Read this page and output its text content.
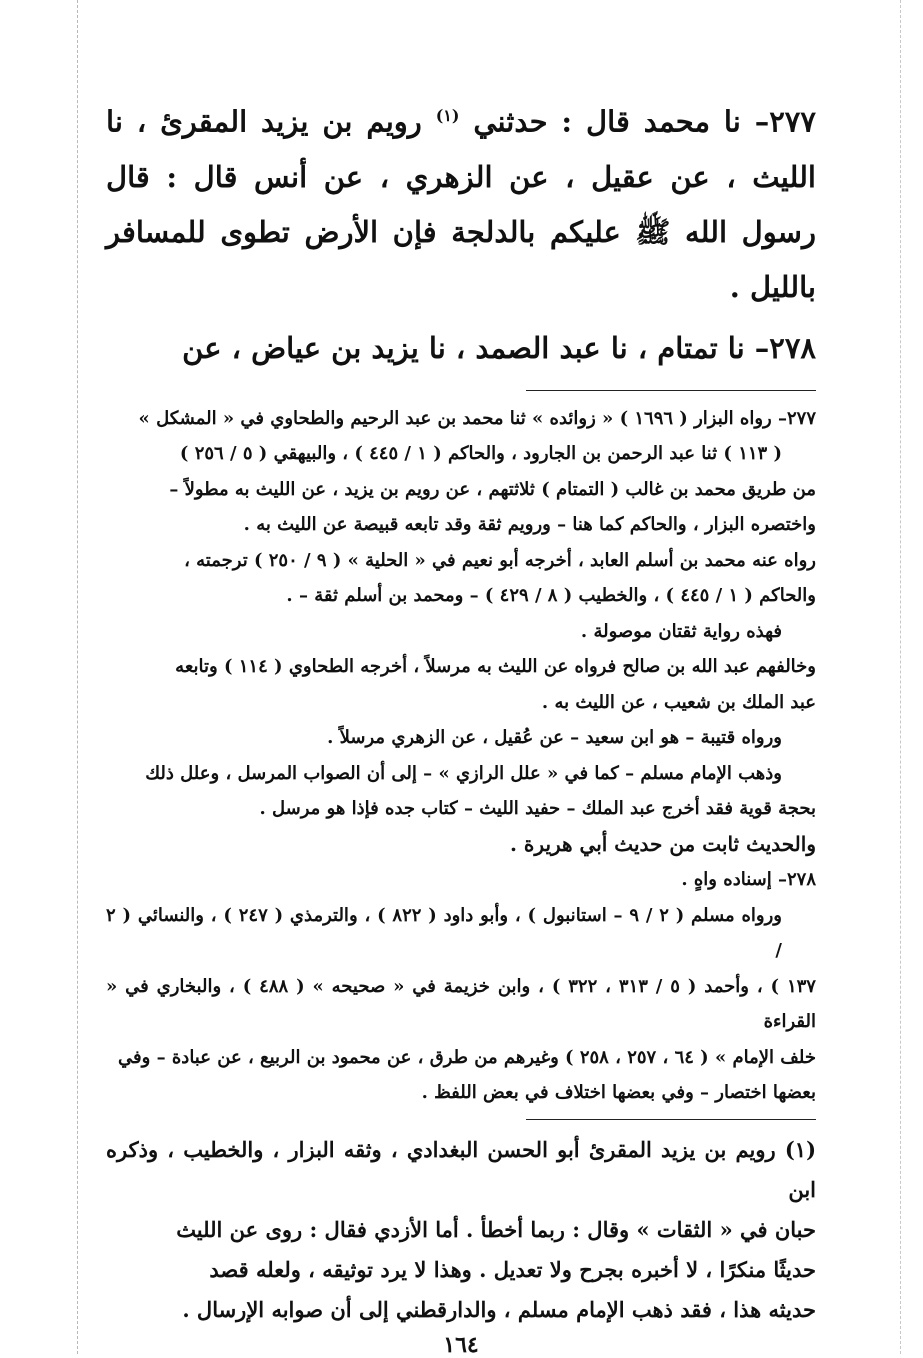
٢٧٧– نا محمد قال : حدثني $^{(١)}$ رويم بن يزيد المقرئ ، نا الليث ، عن عقيل ، عن الزهري ، عن أنس قال : قال رسول الله ﷺ عليكم بالدلجة فإن الأرض تطوى للمسافر بالليل .

٢٧٨– نا تمتام ، نا عبد الصمد ، نا يزيد بن عياض ، عن

٢٧٧– رواه البزار ( ١٦٩٦ ) « زوائده » ثنا محمد بن عبد الرحيم والطحاوي في « المشكل »

( ١١٣ ) ثنا عبد الرحمن بن الجارود ، والحاكم ( ١ / ٤٤٥ ) ، والبيهقي ( ٥ / ٢٥٦ )

من طريق محمد بن غالب ( التمتام ) ثلاثتهم ، عن رويم بن يزيد ، عن الليث به مطولاً –

واختصره البزار ، والحاكم كما هنا – ورويم ثقة وقد تابعه قبيصة عن الليث به .

رواه عنه محمد بن أسلم العابد ، أخرجه أبو نعيم في « الحلية » ( ٩ / ٢٥٠ ) ترجمته ،

والحاكم ( ١ / ٤٤٥ ) ، والخطيب ( ٨ / ٤٢٩ ) – ومحمد بن أسلم ثقة – .

فهذه رواية ثقتان موصولة .

وخالفهم عبد الله بن صالح فرواه عن الليث به مرسلاً ، أخرجه الطحاوي ( ١١٤ ) وتابعه

عبد الملك بن شعيب ، عن الليث به .

ورواه قتيبة – هو ابن سعيد – عن عُقيل ، عن الزهري مرسلاً .

وذهب الإمام مسلم – كما في « علل الرازي » – إلى أن الصواب المرسل ، وعلل ذلك

بحجة قوية فقد أخرج عبد الملك – حفيد الليث – كتاب جده فإذا هو مرسل .

والحديث ثابت من حديث أبي هريرة .

٢٧٨– إسناده واهٍ .

ورواه مسلم ( ٢ / ٩ – استانبول ) ، وأبو داود ( ٨٢٢ ) ، والترمذي ( ٢٤٧ ) ، والنسائي ( ٢ /

١٣٧ ) ، وأحمد ( ٥ / ٣١٣ ، ٣٢٢ ) ، وابن خزيمة في « صحيحه » ( ٤٨٨ ) ، والبخاري في « القراءة

خلف الإمام » ( ٦٤ ، ٢٥٧ ، ٢٥٨ ) وغيرهم من طرق ، عن محمود بن الربيع ، عن عبادة – وفي

بعضها اختصار – وفي بعضها اختلاف في بعض اللفظ .

(١) رويم بن يزيد المقرئ أبو الحسن البغدادي ، وثقه البزار ، والخطيب ، وذكره ابن

حبان في « الثقات » وقال : ربما أخطأ . أما الأزدي فقال : روى عن الليث

حديثًا منكرًا ، لا أخبره بجرح ولا تعديل . وهذا لا يرد توثيقه ، ولعله قصد

حديثه هذا ، فقد ذهب الإمام مسلم ، والدارقطني إلى أن صوابه الإرسال .

١٦٤
